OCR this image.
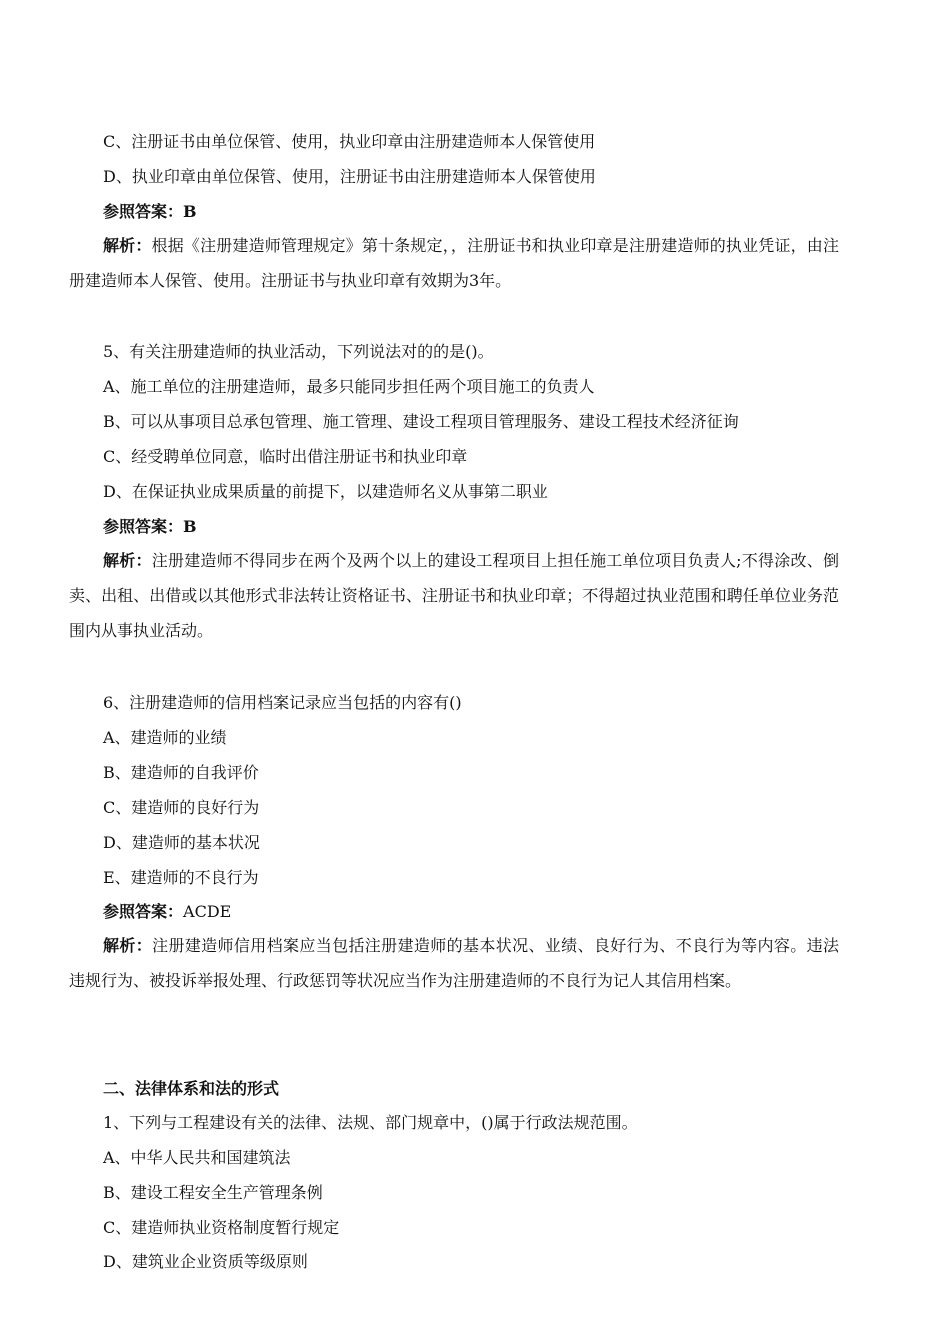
C、注册证书由单位保管、使用，执业印章由注册建造师本人保管使用
D、执业印章由单位保管、使用，注册证书由注册建造师本人保管使用
参照答案：B
解析：根据《注册建造师管理规定》第十条规定，，注册证书和执业印章是注册建造师的执业凭证，由注册建造师本人保管、使用。注册证书与执业印章有效期为3年。
5、有关注册建造师的执业活动，下列说法对的的是()。
A、施工单位的注册建造师，最多只能同步担任两个项目施工的负责人
B、可以从事项目总承包管理、施工管理、建设工程项目管理服务、建设工程技术经济征询
C、经受聘单位同意，临时出借注册证书和执业印章
D、在保证执业成果质量的前提下，以建造师名义从事第二职业
参照答案：B
解析：注册建造师不得同步在两个及两个以上的建设工程项目上担任施工单位项目负责人;不得涂改、倒卖、出租、出借或以其他形式非法转让资格证书、注册证书和执业印章；不得超过执业范围和聘任单位业务范围内从事执业活动。
6、注册建造师的信用档案记录应当包括的内容有()
A、建造师的业绩
B、建造师的自我评价
C、建造师的良好行为
D、建造师的基本状况
E、建造师的不良行为
参照答案：ACDE
解析：注册建造师信用档案应当包括注册建造师的基本状况、业绩、良好行为、不良行为等内容。违法违规行为、被投诉举报处理、行政惩罚等状况应当作为注册建造师的不良行为记人其信用档案。
二、法律体系和法的形式
1、下列与工程建设有关的法律、法规、部门规章中，()属于行政法规范围。
A、中华人民共和国建筑法
B、建设工程安全生产管理条例
C、建造师执业资格制度暂行规定
D、建筑业企业资质等级原则
